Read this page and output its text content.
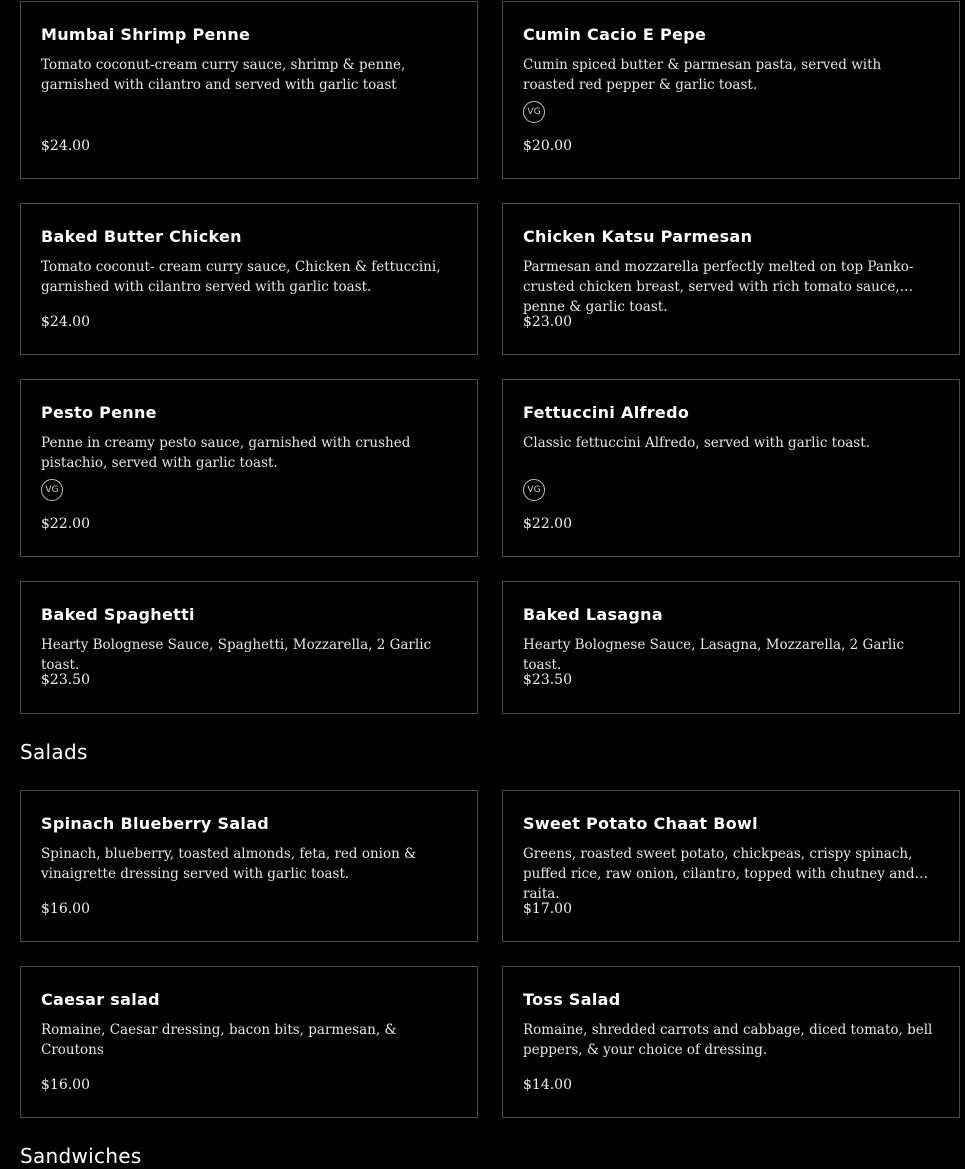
Mumbai Shrimp Penne
Tomato coconut-cream curry sauce, shrimp & penne, garnished with cilantro and served with garlic toast
$24.00
Cumin Cacio E Pepe
Cumin spiced butter & parmesan pasta, served with roasted red pepper & garlic toast.
VG
$20.00
Baked Butter Chicken
Tomato coconut- cream curry sauce, Chicken & fettuccini, garnished with cilantro served with garlic toast.
$24.00
Chicken Katsu Parmesan
Parmesan and mozzarella perfectly melted on top Panko-crusted chicken breast, served with rich tomato sauce, penne & garlic toast.
$23.00
Pesto Penne
Penne in creamy pesto sauce, garnished with crushed pistachio, served with garlic toast.
VG
$22.00
Fettuccini Alfredo
Classic fettuccini Alfredo, served with garlic toast.
VG
$22.00
Baked Spaghetti
Hearty Bolognese Sauce, Spaghetti, Mozzarella, 2 Garlic toast.
$23.50
Baked Lasagna
Hearty Bolognese Sauce, Lasagna, Mozzarella, 2 Garlic toast.
$23.50
Salads
Spinach Blueberry Salad
Spinach, blueberry, toasted almonds, feta, red onion & vinaigrette dressing served with garlic toast.
$16.00
Sweet Potato Chaat Bowl
Greens, roasted sweet potato, chickpeas, crispy spinach, puffed rice, raw onion, cilantro, topped with chutney and raita.
$17.00
Caesar salad
Romaine, Caesar dressing, bacon bits, parmesan, & Croutons
$16.00
Toss Salad
Romaine, shredded carrots and cabbage, diced tomato, bell peppers, & your choice of dressing.
$14.00
Sandwiches
